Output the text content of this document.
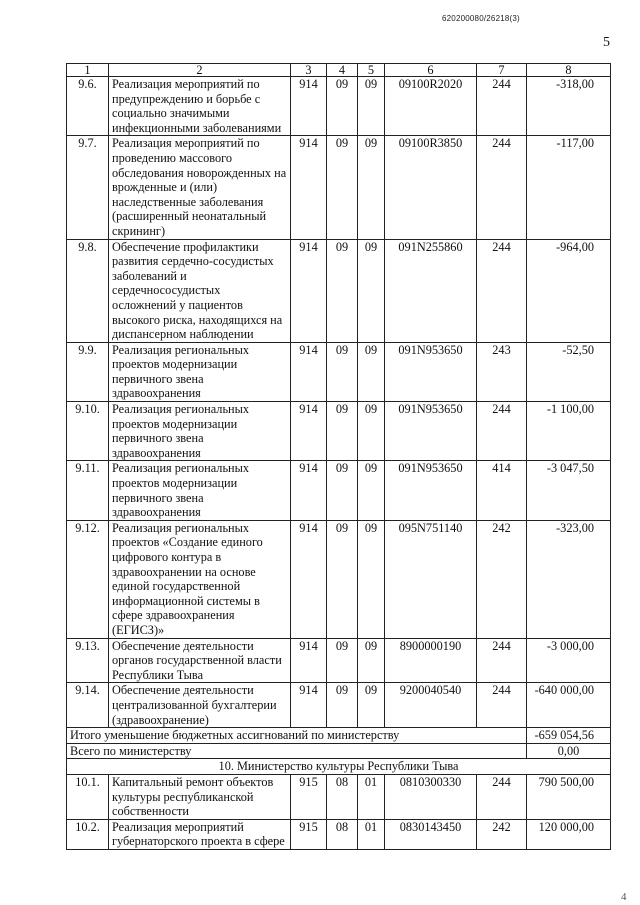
620200080/26218(3)
5
1	2	3	4	5	6	7	8
9.6.	Реализация мероприятий по предупреждению и борьбе с социально значимыми инфекционными заболеваниями	914	09	09	09100R2020	244	-318,00
9.7.	Реализация мероприятий по проведению массового обследования новорожденных на врожденные и (или) наследственные заболевания (расширенный неонатальный скрининг)	914	09	09	09100R3850	244	-117,00
9.8.	Обеспечение профилактики развития сердечно-сосудистых заболеваний и сердечнососудистых осложнений у пациентов высокого риска, находящихся на диспансерном наблюдении	914	09	09	091N255860	244	-964,00
9.9.	Реализация региональных проектов модернизации первичного звена здравоохранения	914	09	09	091N953650	243	-52,50
9.10.	Реализация региональных проектов модернизации первичного звена здравоохранения	914	09	09	091N953650	244	-1 100,00
9.11.	Реализация региональных проектов модернизации первичного звена здравоохранения	914	09	09	091N953650	414	-3 047,50
9.12.	Реализация региональных проектов «Создание единого цифрового контура в здравоохранении на основе единой государственной информационной системы в сфере здравоохранения (ЕГИСЗ)»	914	09	09	095N751140	242	-323,00
9.13.	Обеспечение деятельности органов государственной власти Республики Тыва	914	09	09	8900000190	244	-3 000,00
9.14.	Обеспечение деятельности централизованной бухгалтерии (здравоохранение)	914	09	09	9200040540	244	-640 000,00
Итого уменьшение бюджетных ассигнований по министерству							-659 054,56
Всего по министерству							0,00
10. Министерство культуры Республики Тыва							
10.1.	Капитальный ремонт объектов культуры республиканской собственности	915	08	01	0810300330	244	790 500,00
10.2.	Реализация мероприятий губернаторского проекта в сфере	915	08	01	0830143450	242	120 000,00
4
